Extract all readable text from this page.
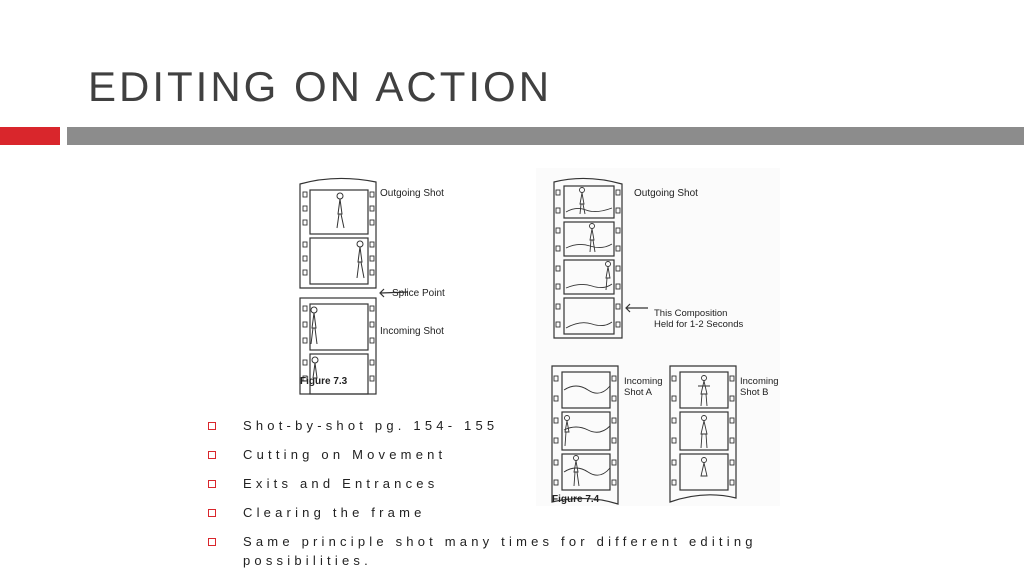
EDITING ON ACTION
Outgoing Shot
Splice Point
Incoming Shot
Figure 7.3
Outgoing Shot
This Composition
Held for 1-2 Seconds
Incoming
Shot A
Incoming
Shot B
Figure 7.4
Shot-by-shot pg. 154- 155
Cutting on Movement
Exits and Entrances
Clearing the frame
Same principle shot many times for different editing possibilities.
